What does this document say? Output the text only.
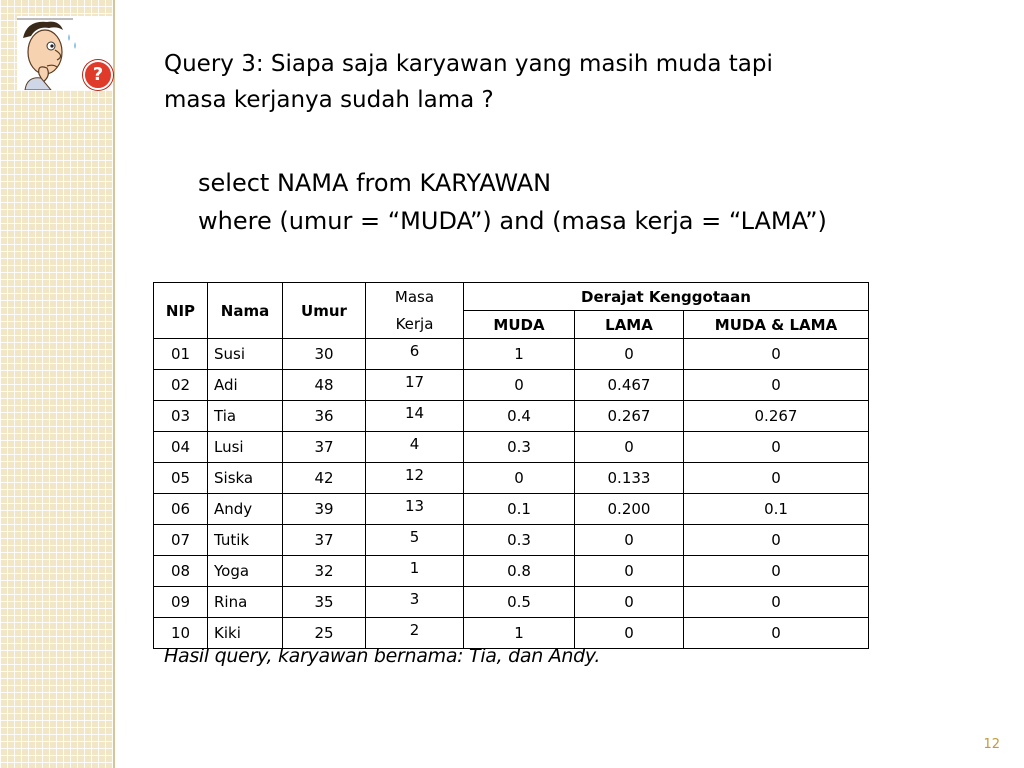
?	Query 3: Siapa saja karyawan yang masih muda tapi
masa kerjanya sudah lama ?
select NAMA from KARYAWAN
where (umur = “MUDA”) and (masa kerja = “LAMA”)
NIP	Nama	Umur	Masa	Derajat Kenggotaan		
			Kerja	MUDA	LAMA	MUDA & LAMA
01	Susi	30	6	1	0	0
02	Adi	48	17	0	0.467	0
03	Tia	36	14	0.4	0.267	0.267
04	Lusi	37	4	0.3	0	0
05	Siska	42	12	0	0.133	0
06	Andy	39	13	0.1	0.200	0.1
07	Tutik	37	5	0.3	0	0
08	Yoga	32	1	0.8	0	0
09	Rina	35	3	0.5	0	0
10	Kiki	25	2	1	0	0
Hasil query, karyawan bernama: Tia, dan Andy.
12
